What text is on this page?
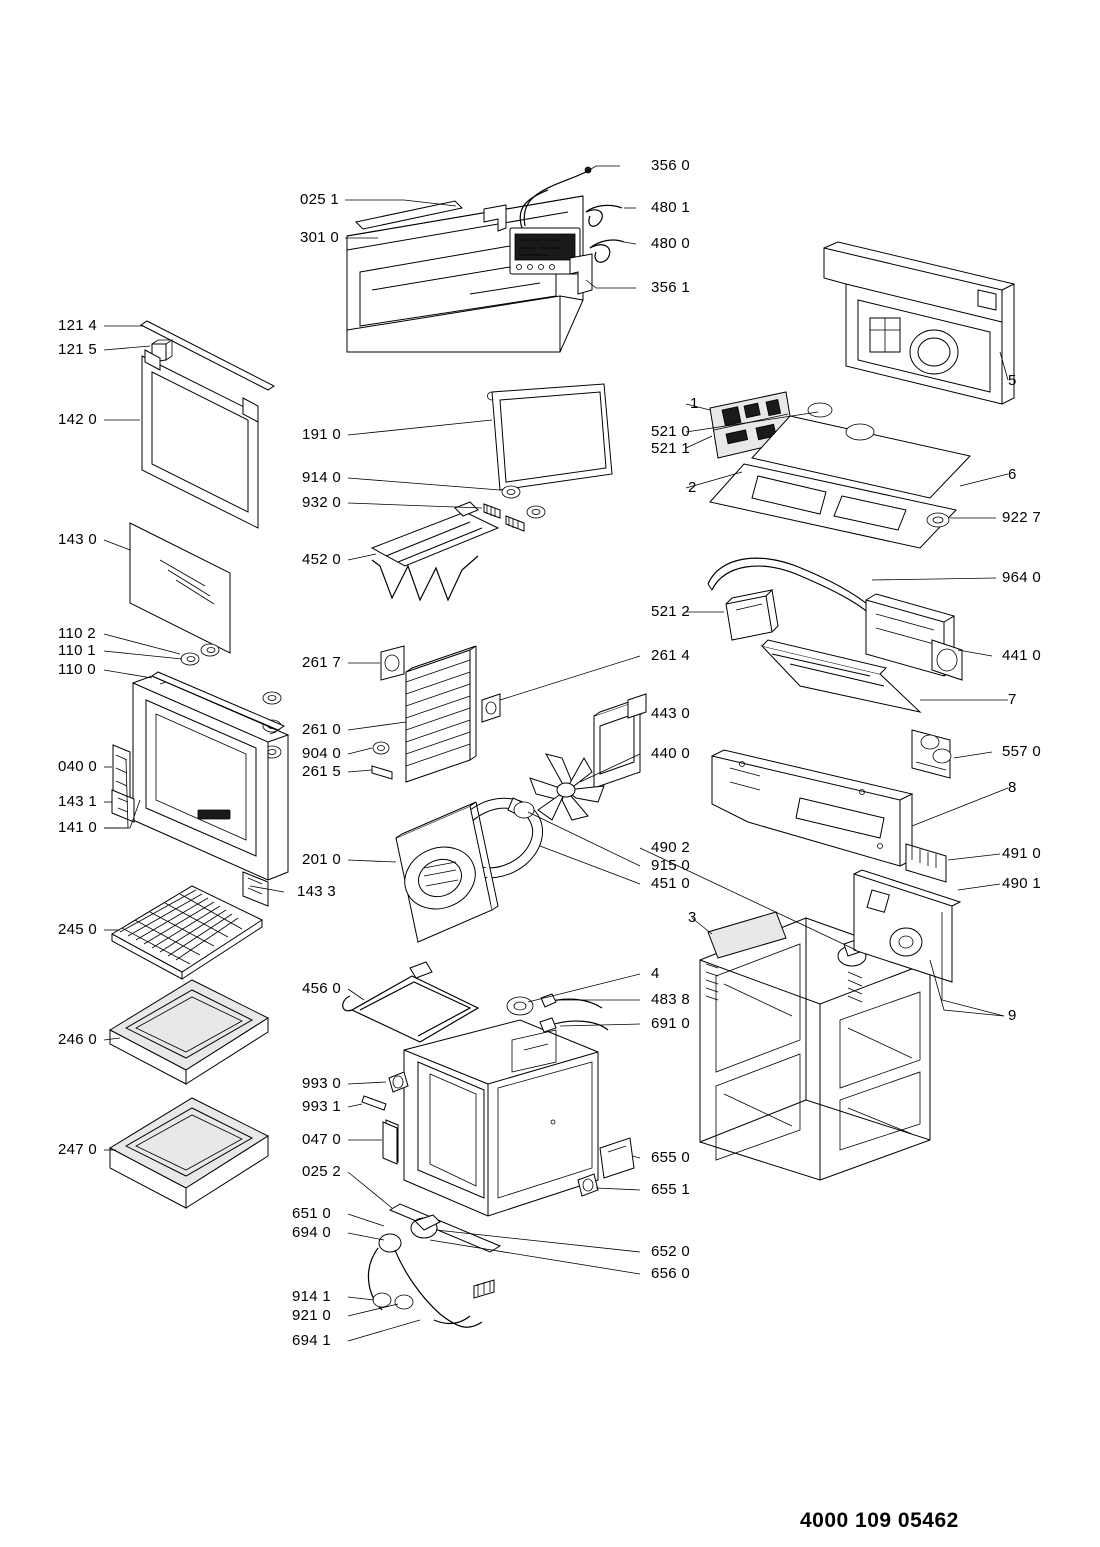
121 4
121 5
142 0
143 0
110 2
110 1
110 0
040 0
143 1
141 0
245 0
246 0
247 0
025 1
301 0
191 0
914 0
932 0
452 0
261 7
261 0
904 0
261 5
201 0
143 3
456 0
993 0
993 1
047 0
025 2
651 0
694 0
914 1
921 0
694 1
356 0
480 1
480 0
356 1
261 4
443 0
440 0
490 2
915 0
451 0
4
483 8
691 0
655 0
655 1
652 0
656 0
521 2
3
1
521 0
521 1
2
5
6
922 7
964 0
441 0
7
557 0
8
491 0
490 1
9
4000 109 05462
